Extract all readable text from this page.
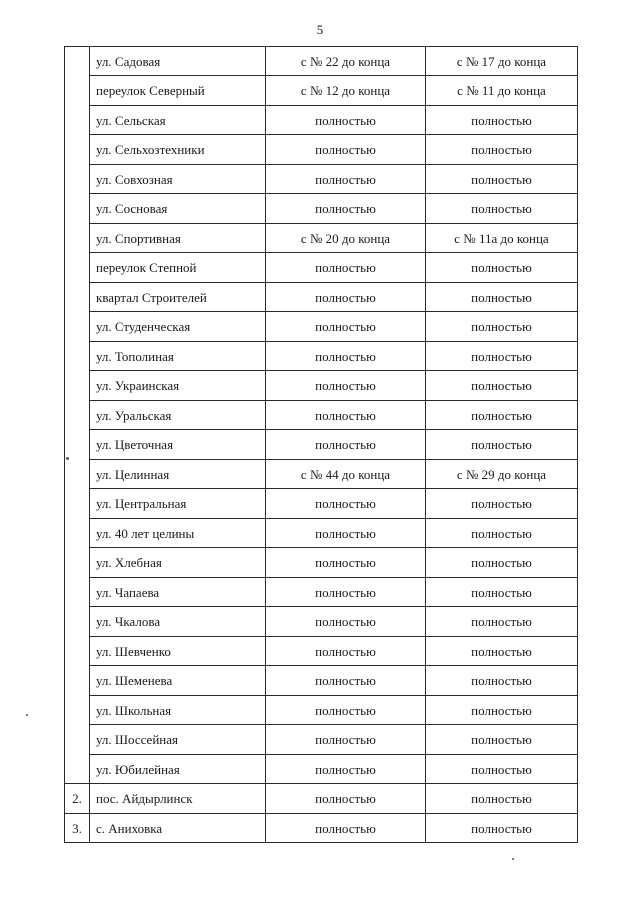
5
	ул. Садовая	с № 22 до конца	с № 17 до конца
	переулок Северный	с № 12 до конца	с № 11 до конца
	ул. Сельская	полностью	полностью
	ул. Сельхозтехники	полностью	полностью
	ул. Совхозная	полностью	полностью
	ул. Сосновая	полностью	полностью
	ул. Спортивная	с № 20 до конца	с № 11а до конца
	переулок Степной	полностью	полностью
	квартал Строителей	полностью	полностью
	ул. Студенческая	полностью	полностью
	ул. Тополиная	полностью	полностью
	ул. Украинская	полностью	полностью
	ул. Уральская	полностью	полностью
	ул. Цветочная	полностью	полностью
	ул. Целинная	с № 44 до конца	с № 29 до конца
	ул. Центральная	полностью	полностью
	ул. 40 лет целины	полностью	полностью
	ул. Хлебная	полностью	полностью
	ул. Чапаева	полностью	полностью
	ул. Чкалова	полностью	полностью
	ул. Шевченко	полностью	полностью
	ул. Шеменева	полностью	полностью
	ул. Школьная	полностью	полностью
	ул. Шоссейная	полностью	полностью
	ул. Юбилейная	полностью	полностью
2.	пос. Айдырлинск	полностью	полностью
3.	с. Аниховка	полностью	полностью
